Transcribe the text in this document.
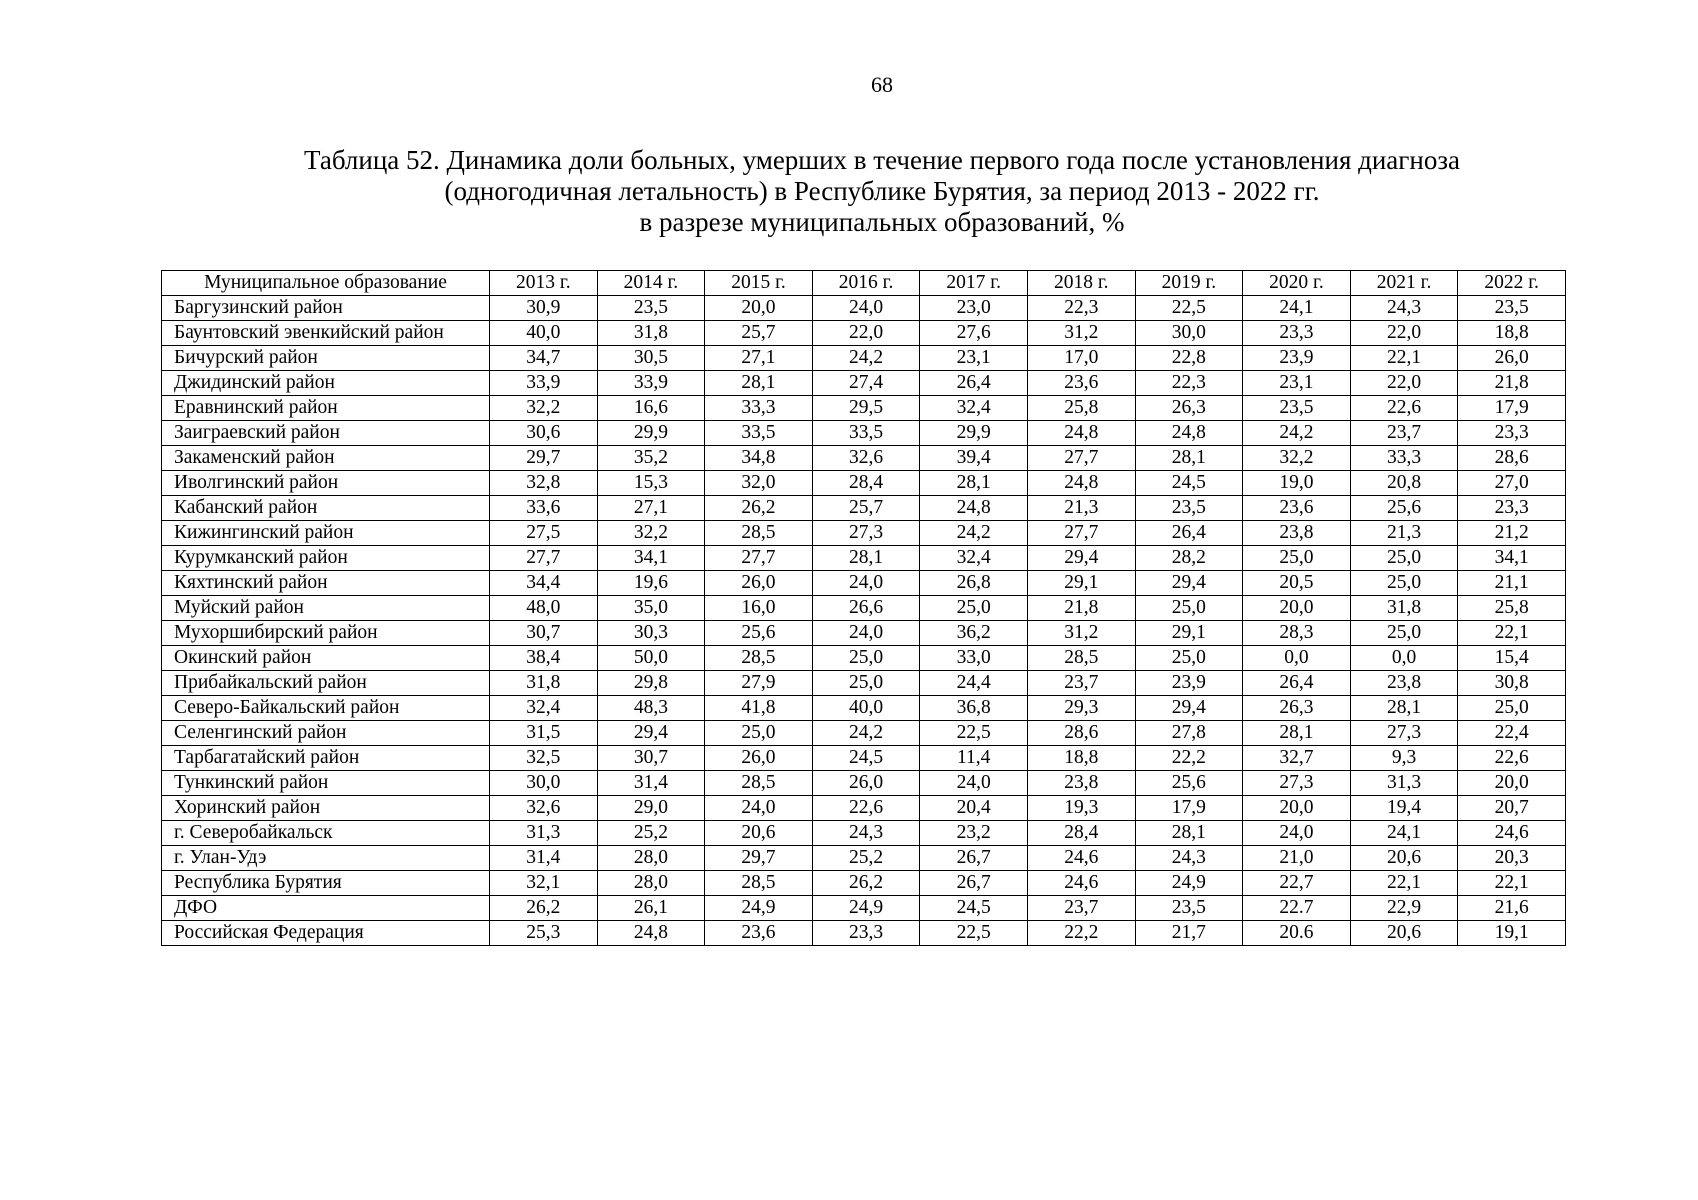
68
Таблица 52. Динамика доли больных, умерших в течение первого года после установления диагноза
(одногодичная летальность) в Республике Бурятия, за период 2013 - 2022 гг.
в разрезе муниципальных образований, %
Муниципальное образование	2013 г.	2014 г.	2015 г.	2016 г.	2017 г.	2018 г.	2019 г.	2020 г.	2021 г.	2022 г.
Баргузинский район	30,9	23,5	20,0	24,0	23,0	22,3	22,5	24,1	24,3	23,5
Баунтовский эвенкийский район	40,0	31,8	25,7	22,0	27,6	31,2	30,0	23,3	22,0	18,8
Бичурский район	34,7	30,5	27,1	24,2	23,1	17,0	22,8	23,9	22,1	26,0
Джидинский район	33,9	33,9	28,1	27,4	26,4	23,6	22,3	23,1	22,0	21,8
Еравнинский район	32,2	16,6	33,3	29,5	32,4	25,8	26,3	23,5	22,6	17,9
Заиграевский район	30,6	29,9	33,5	33,5	29,9	24,8	24,8	24,2	23,7	23,3
Закаменский район	29,7	35,2	34,8	32,6	39,4	27,7	28,1	32,2	33,3	28,6
Иволгинский район	32,8	15,3	32,0	28,4	28,1	24,8	24,5	19,0	20,8	27,0
Кабанский район	33,6	27,1	26,2	25,7	24,8	21,3	23,5	23,6	25,6	23,3
Кижингинский район	27,5	32,2	28,5	27,3	24,2	27,7	26,4	23,8	21,3	21,2
Курумканский район	27,7	34,1	27,7	28,1	32,4	29,4	28,2	25,0	25,0	34,1
Кяхтинский район	34,4	19,6	26,0	24,0	26,8	29,1	29,4	20,5	25,0	21,1
Муйский район	48,0	35,0	16,0	26,6	25,0	21,8	25,0	20,0	31,8	25,8
Мухоршибирский район	30,7	30,3	25,6	24,0	36,2	31,2	29,1	28,3	25,0	22,1
Окинский район	38,4	50,0	28,5	25,0	33,0	28,5	25,0	0,0	0,0	15,4
Прибайкальский район	31,8	29,8	27,9	25,0	24,4	23,7	23,9	26,4	23,8	30,8
Северо-Байкальский район	32,4	48,3	41,8	40,0	36,8	29,3	29,4	26,3	28,1	25,0
Селенгинский район	31,5	29,4	25,0	24,2	22,5	28,6	27,8	28,1	27,3	22,4
Тарбагатайский район	32,5	30,7	26,0	24,5	11,4	18,8	22,2	32,7	9,3	22,6
Тункинский район	30,0	31,4	28,5	26,0	24,0	23,8	25,6	27,3	31,3	20,0
Хоринский район	32,6	29,0	24,0	22,6	20,4	19,3	17,9	20,0	19,4	20,7
г. Северобайкальск	31,3	25,2	20,6	24,3	23,2	28,4	28,1	24,0	24,1	24,6
г. Улан-Удэ	31,4	28,0	29,7	25,2	26,7	24,6	24,3	21,0	20,6	20,3
Республика Бурятия	32,1	28,0	28,5	26,2	26,7	24,6	24,9	22,7	22,1	22,1
ДФО	26,2	26,1	24,9	24,9	24,5	23,7	23,5	22.7	22,9	21,6
Российская Федерация	25,3	24,8	23,6	23,3	22,5	22,2	21,7	20.6	20,6	19,1
